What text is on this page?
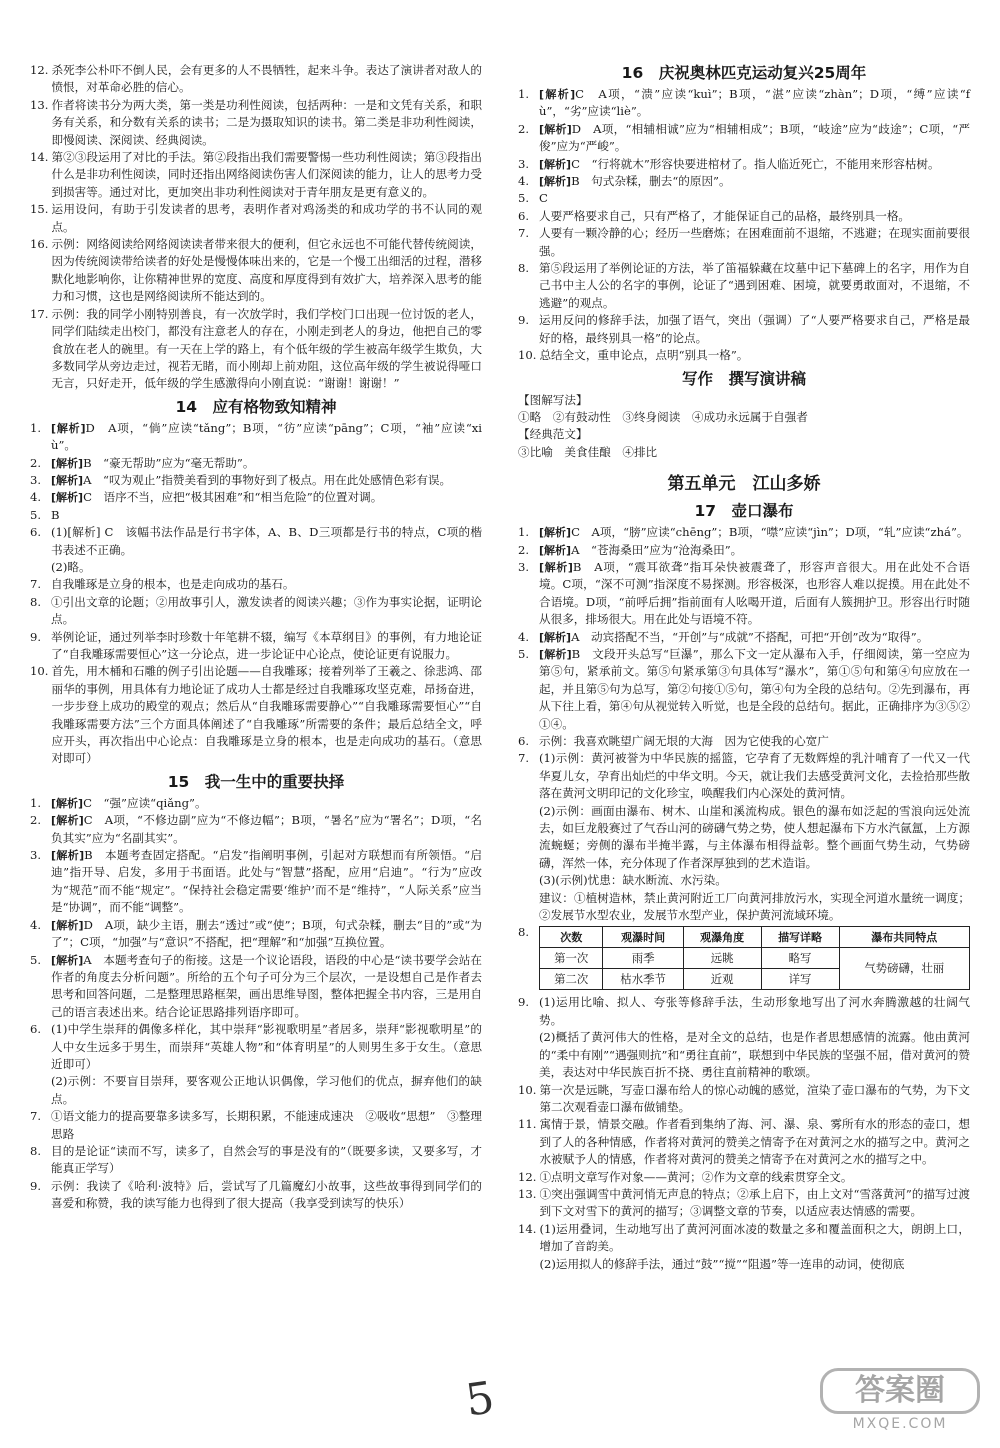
12. 杀死李公朴吓不倒人民，会有更多的人不畏牺牲，起来斗争。表达了演讲者对敌人的愤恨，对革命必胜的信心。
13. 作者将读书分为两大类，第一类是功利性阅读，包括两种：一是和文凭有关系，和职务有关系，和分数有关系的读书；二是为摄取知识的读书。第二类是非功利性阅读，即慢阅读、深阅读、经典阅读。
14. 第②③段运用了对比的手法。第②段指出我们需要警惕一些功利性阅读；第③段指出什么是非功利性阅读，同时还指出网络阅读伤害人们深阅读的能力，让人的思考力受到损害等。通过对比，更加突出非功利性阅读对于青年朋友是更有意义的。
15. 运用设问，有助于引发读者的思考，表明作者对鸡汤类的和成功学的书不认同的观点。
16. 示例：网络阅读给网络阅读读者带来很大的便利，但它永远也不可能代替传统阅读，因为传统阅读带给读者的好处是慢慢体味出来的，它是一个慢工出细活的过程，潜移默化地影响你，让你精神世界的宽度、高度和厚度得到有效扩大，培养深入思考的能力和习惯，这也是网络阅读所不能达到的。
17. 示例：我的同学小刚特别善良，有一次放学时，我们学校门口出现一位讨饭的老人，同学们陆续走出校门，都没有注意老人的存在，小刚走到老人的身边，他把自己的零食放在老人的碗里。有一天在上学的路上，有个低年级的学生被高年级学生欺负，大多数同学从旁边走过，视若无睹，而小刚却上前劝阻，这位高年级的学生被说得哑口无言，只好走开，低年级的学生感激得向小刚直说：“谢谢！谢谢！”
14　应有格物致知精神
1. [解析]D　A项，“倘”应读“tǎng”；B项，“彷”应读“pāng”；C项，“袖”应读“xiù”。
2. [解析]B　“豪无帮助”应为“毫无帮助”。
3. [解析]A　“叹为观止”指赞美看到的事物好到了极点。用在此处感情色彩有误。
4. [解析]C　语序不当，应把“极其困难”和“相当危险”的位置对调。
5. B
6. (1)[解析] C　该幅书法作品是行书字体，A、B、D三项都是行书的特点，C项的楷书表述不正确。
(2)略。
7. 自我雕琢是立身的根本，也是走向成功的基石。
8. ①引出文章的论题；②用故事引人，激发读者的阅读兴趣；③作为事实论据，证明论点。
9. 举例论证，通过列举李时珍数十年笔耕不辍，编写《本草纲目》的事例，有力地论证了“自我雕琢需要恒心”这一分论点，进一步论证中心论点，使论证更有说服力。
10. 首先，用木桶和石雕的例子引出论题——自我雕琢；接着列举了王羲之、徐悲鸿、邵丽华的事例，用具体有力地论证了成功人士都是经过自我雕琢攻坚克难，昂扬奋进，一步步登上成功的殿堂的观点；然后从“自我雕琢需要静心”“自我雕琢需要恒心”“自我雕琢需要方法”三个方面具体阐述了“自我雕琢”所需要的条件；最后总结全文，呼应开头，再次指出中心论点：自我雕琢是立身的根本，也是走向成功的基石。（意思对即可）
15　我一生中的重要抉择
1. [解析]C　“强”应读“qiǎng”。
2. [解析]C　A项，“不修边副”应为“不修边幅”；B项，“暑名”应为“署名”；D项，“名负其实”应为“名副其实”。
3. [解析]B　本题考查固定搭配。“启发”指阐明事例，引起对方联想而有所领悟。“启迪”指开导、启发，多用于书面语。此处与“智慧”搭配，应用“启迪”。“行为”应改为“规范”而不能“规定”。“保持社会稳定需要‘维护’而不是“维持”，“人际关系”应当是“协调”，而不能“调整”。
4. [解析]D　A项，缺少主语，删去“透过”或“使”；B项，句式杂糅，删去“目的”或“为了”；C项，“加强”与“意识”不搭配，把“理解”和“加强”互换位置。
5. [解析]A　本题考查句子的衔接。这是一个议论语段，语段的中心是“读书要学会站在作者的角度去分析问题”。所给的五个句子可分为三个层次，一是设想自己是作者去思考和回答问题，二是整理思路框架，画出思维导图，整体把握全书内容，三是用自己的语言表述出来。结合论证思路排列语序即可。
6. (1)中学生崇拜的偶像多样化，其中崇拜“影视歌明星”者居多，崇拜“影视歌明星”的人中女生远多于男生，而崇拜“英雄人物”和“体育明星”的人则男生多于女生。（意思近即可）
(2)示例：不要盲目崇拜，要客观公正地认识偶像，学习他们的优点，摒弃他们的缺点。
7. ①语文能力的提高要靠多读多写，长期积累，不能速成速决　②吸收“思想”　③整理思路
8. 目的是论证“读而不写，读多了，自然会写的事是没有的”（既要多读，又要多写，才能真正学写）
9. 示例：我读了《哈利·波特》后，尝试写了几篇魔幻小故事，这些故事得到同学们的喜爱和称赞，我的读写能力也得到了很大提高（我享受到读写的快乐）
16　庆祝奥林匹克运动复兴25周年
1. [解析]C　A项，“溃”应读“kuì”；B项，“湛”应读“zhàn”；D项，“缚”应读“fù”，“劣”应读“liè”。
2. [解析]D　A项，“相辅相诚”应为“相辅相成”；B项，“岐途”应为“歧途”；C项，“严俊”应为“严峻”。
3. [解析]C　“行将就木”形容快要进棺材了。指人临近死亡，不能用来形容枯树。
4. [解析]B　句式杂糅，删去“的原因”。
5. C
6. 人要严格要求自己，只有严格了，才能保证自己的品格，最终别具一格。
7. 人要有一颗冷静的心；经历一些磨炼；在困难面前不退缩，不逃避；在现实面前要很强。
8. 第⑤段运用了举例论证的方法，举了笛福躲藏在坟墓中记下墓碑上的名字，用作为自己书中主人公的名字的事例，论证了“遇到困难、困境，就要勇敢面对，不退缩，不逃避”的观点。
9. 运用反问的修辞手法，加强了语气，突出（强调）了“人要严格要求自己，严格是最好的格，最终别具一格”的论点。
10. 总结全文，重申论点，点明“别具一格”。
写作　撰写演讲稿
【图解写法】
①略　②有鼓动性　③终身阅读　④成功永远属于自强者
【经典范文】
③比喻　美食佳酿　④排比
第五单元　江山多娇
17　壶口瀑布
1. [解析]C　A项，“膀”应读“chēng”；B项，“噤”应读“jìn”；D项，“轧”应读“zhá”。
2. [解析]A　“苍海桑田”应为“沧海桑田”。
3. [解析]B　A项，“震耳欲聋”指耳朵快被震聋了，形容声音很大。用在此处不合语境。C项，“深不可测”指深度不易探测。形容极深，也形容人难以捉摸。用在此处不合语境。D项，“前呼后拥”指前面有人吆喝开道，后面有人簇拥护卫。形容出行时随从很多，排场很大。用在此处与语境不符。
4. [解析]A　动宾搭配不当，“开创”与“成就”不搭配，可把“开创”改为“取得”。
5. [解析]B　文段开头总写“巨瀑”，那么下文一定从瀑布入手，仔细阅读，第一空应为第⑤句，紧承前文。第⑤句紧承第③句具体写“瀑水”，第①⑤句和第④句应放在一起，并且第⑤句为总写，第②句接①⑤句，第④句为全段的总结句。②先到瀑布，再从下往上看，第④句从视觉转入听觉，也是全段的总结句。据此，正确排序为③⑤②①④。
6. 示例：我喜欢眺望广阔无垠的大海　因为它使我的心宽广
7. (1)示例：黄河被誉为中华民族的摇篮，它孕育了无数辉煌的乳汁哺育了一代又一代华夏儿女，孕育出灿烂的中华文明。今天，就让我们去感受黄河文化，去捡拾那些散落在黄河文明印记的文化珍宝，唤醒我们内心深处的黄河情。
(2)示例：画面由瀑布、树木、山崖和溪流构成。银色的瀑布如泛起的雪浪向远处流去，如巨龙般赛过了气吞山河的磅礴气势之势，使人想起瀑布下方水汽氤氲，上方源流蜿蜒；旁侧的瀑布半掩半露，与主体瀑布相得益彰。整个画面气势生动，气势磅礴，浑然一体，充分体现了作者深厚独到的艺术造诣。
(3)(示例)忧患：缺水断流、水污染。
建议：①植树造林，禁止黄河附近工厂向黄河排放污水，实现全河道水量统一调度；②发展节水型农业，发展节水型产业，保护黄河流域环境。
8.	次数	观瀑时间	观瀑角度	描写详略	瀑布共同特点
第一次	雨季	远眺	略写	气势磅礴，壮丽
第二次	枯水季节	近观	详写	
9. (1)运用比喻、拟人、夸张等修辞手法，生动形象地写出了河水奔腾激越的壮阔气势。
(2)概括了黄河伟大的性格，是对全文的总结，也是作者思想感情的流露。他由黄河的“柔中有刚”“遇强则抗”和“勇往直前”，联想到中华民族的坚强不屈，借对黄河的赞美，表达对中华民族百折不挠、勇往直前精神的歌颂。
10. 第一次是远眺，写壶口瀑布给人的惊心动魄的感觉，渲染了壶口瀑布的气势，为下文第二次观看壶口瀑布做铺垫。
11. 寓情于景，情景交融。作者看到集纳了海、河、瀑、泉、雾所有水的形态的壶口，想到了人的各种情感，作者将对黄河的赞美之情寄予在对黄河之水的描写之中。黄河之水被赋予人的情感，作者将对黄河的赞美之情寄予在对黄河之水的描写之中。
12. ①点明文章写作对象——黄河；②作为文章的线索贯穿全文。
13. ①突出强调雪中黄河悄无声息的特点；②承上启下，由上文对“雪落黄河”的描写过渡到下文对雪下的黄河的描写；③调整文章的节奏，以适应表达情感的需要。
14. (1)运用叠词，生动地写出了黄河河面冰凌的数量之多和覆盖面积之大，朗朗上口，增加了音韵美。
(2)运用拟人的修辞手法，通过“鼓”“搅”“阻遏”等一连串的动词，使彻底
5	答案圈
MXQE.COM
